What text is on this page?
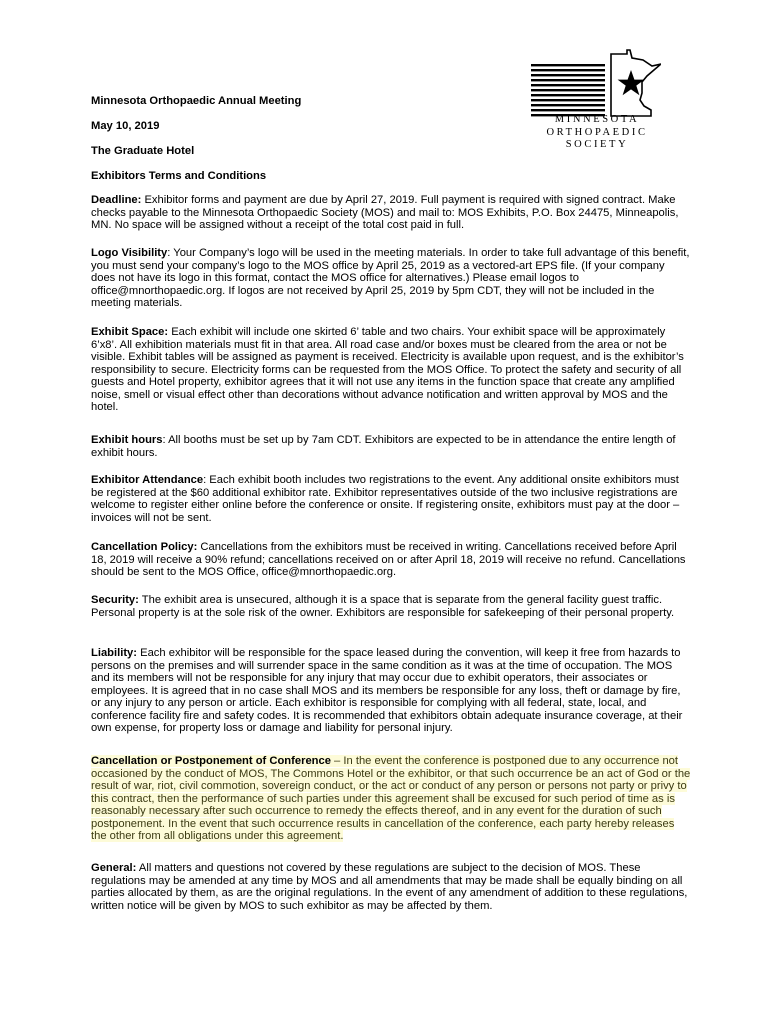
MINNESOTA
ORTHOPAEDIC
SOCIETY
Minnesota Orthopaedic Annual Meeting
May 10, 2019
The Graduate Hotel
Exhibitors Terms and Conditions
Deadline: Exhibitor forms and payment are due by April 27, 2019. Full payment is required with signed contract. Make checks payable to the Minnesota Orthopaedic Society (MOS) and mail to: MOS Exhibits, P.O. Box 24475, Minneapolis, MN. No space will be assigned without a receipt of the total cost paid in full.
Logo Visibility: Your Company’s logo will be used in the meeting materials. In order to take full advantage of this benefit, you must send your company’s logo to the MOS office by April 25, 2019 as a vectored-art EPS file. (If your company does not have its logo in this format, contact the MOS office for alternatives.) Please email logos to office@mnorthopaedic.org. If logos are not received by April 25, 2019 by 5pm CDT, they will not be included in the meeting materials.
Exhibit Space: Each exhibit will include one skirted 6’ table and two chairs. Your exhibit space will be approximately 6’x8’. All exhibition materials must fit in that area. All road case and/or boxes must be cleared from the area or not be visible. Exhibit tables will be assigned as payment is received. Electricity is available upon request, and is the exhibitor’s responsibility to secure. Electricity forms can be requested from the MOS Office. To protect the safety and security of all guests and Hotel property, exhibitor agrees that it will not use any items in the function space that create any amplified noise, smell or visual effect other than decorations without advance notification and written approval by MOS and the hotel.
Exhibit hours: All booths must be set up by 7am CDT. Exhibitors are expected to be in attendance the entire length of exhibit hours.
Exhibitor Attendance: Each exhibit booth includes two registrations to the event. Any additional onsite exhibitors must be registered at the $60 additional exhibitor rate. Exhibitor representatives outside of the two inclusive registrations are welcome to register either online before the conference or onsite. If registering onsite, exhibitors must pay at the door – invoices will not be sent.
Cancellation Policy: Cancellations from the exhibitors must be received in writing. Cancellations received before April 18, 2019 will receive a 90% refund; cancellations received on or after April 18, 2019 will receive no refund. Cancellations should be sent to the MOS Office, office@mnorthopaedic.org.
Security: The exhibit area is unsecured, although it is a space that is separate from the general facility guest traffic. Personal property is at the sole risk of the owner. Exhibitors are responsible for safekeeping of their personal property.
Liability: Each exhibitor will be responsible for the space leased during the convention, will keep it free from hazards to persons on the premises and will surrender space in the same condition as it was at the time of occupation. The MOS and its members will not be responsible for any injury that may occur due to exhibit operators, their associates or employees. It is agreed that in no case shall MOS and its members be responsible for any loss, theft or damage by fire, or any injury to any person or article. Each exhibitor is responsible for complying with all federal, state, local, and conference facility fire and safety codes. It is recommended that exhibitors obtain adequate insurance coverage, at their own expense, for property loss or damage and liability for personal injury.
Cancellation or Postponement of Conference – In the event the conference is postponed due to any occurrence not occasioned by the conduct of MOS, The Commons Hotel or the exhibitor, or that such occurrence be an act of God or the result of war, riot, civil commotion, sovereign conduct, or the act or conduct of any person or persons not party or privy to this contract, then the performance of such parties under this agreement shall be excused for such period of time as is reasonably necessary after such occurrence to remedy the effects thereof, and in any event for the duration of such postponement. In the event that such occurrence results in cancellation of the conference, each party hereby releases the other from all obligations under this agreement.
General: All matters and questions not covered by these regulations are subject to the decision of MOS. These regulations may be amended at any time by MOS and all amendments that may be made shall be equally binding on all parties allocated by them, as are the original regulations. In the event of any amendment of addition to these regulations, written notice will be given by MOS to such exhibitor as may be affected by them.
